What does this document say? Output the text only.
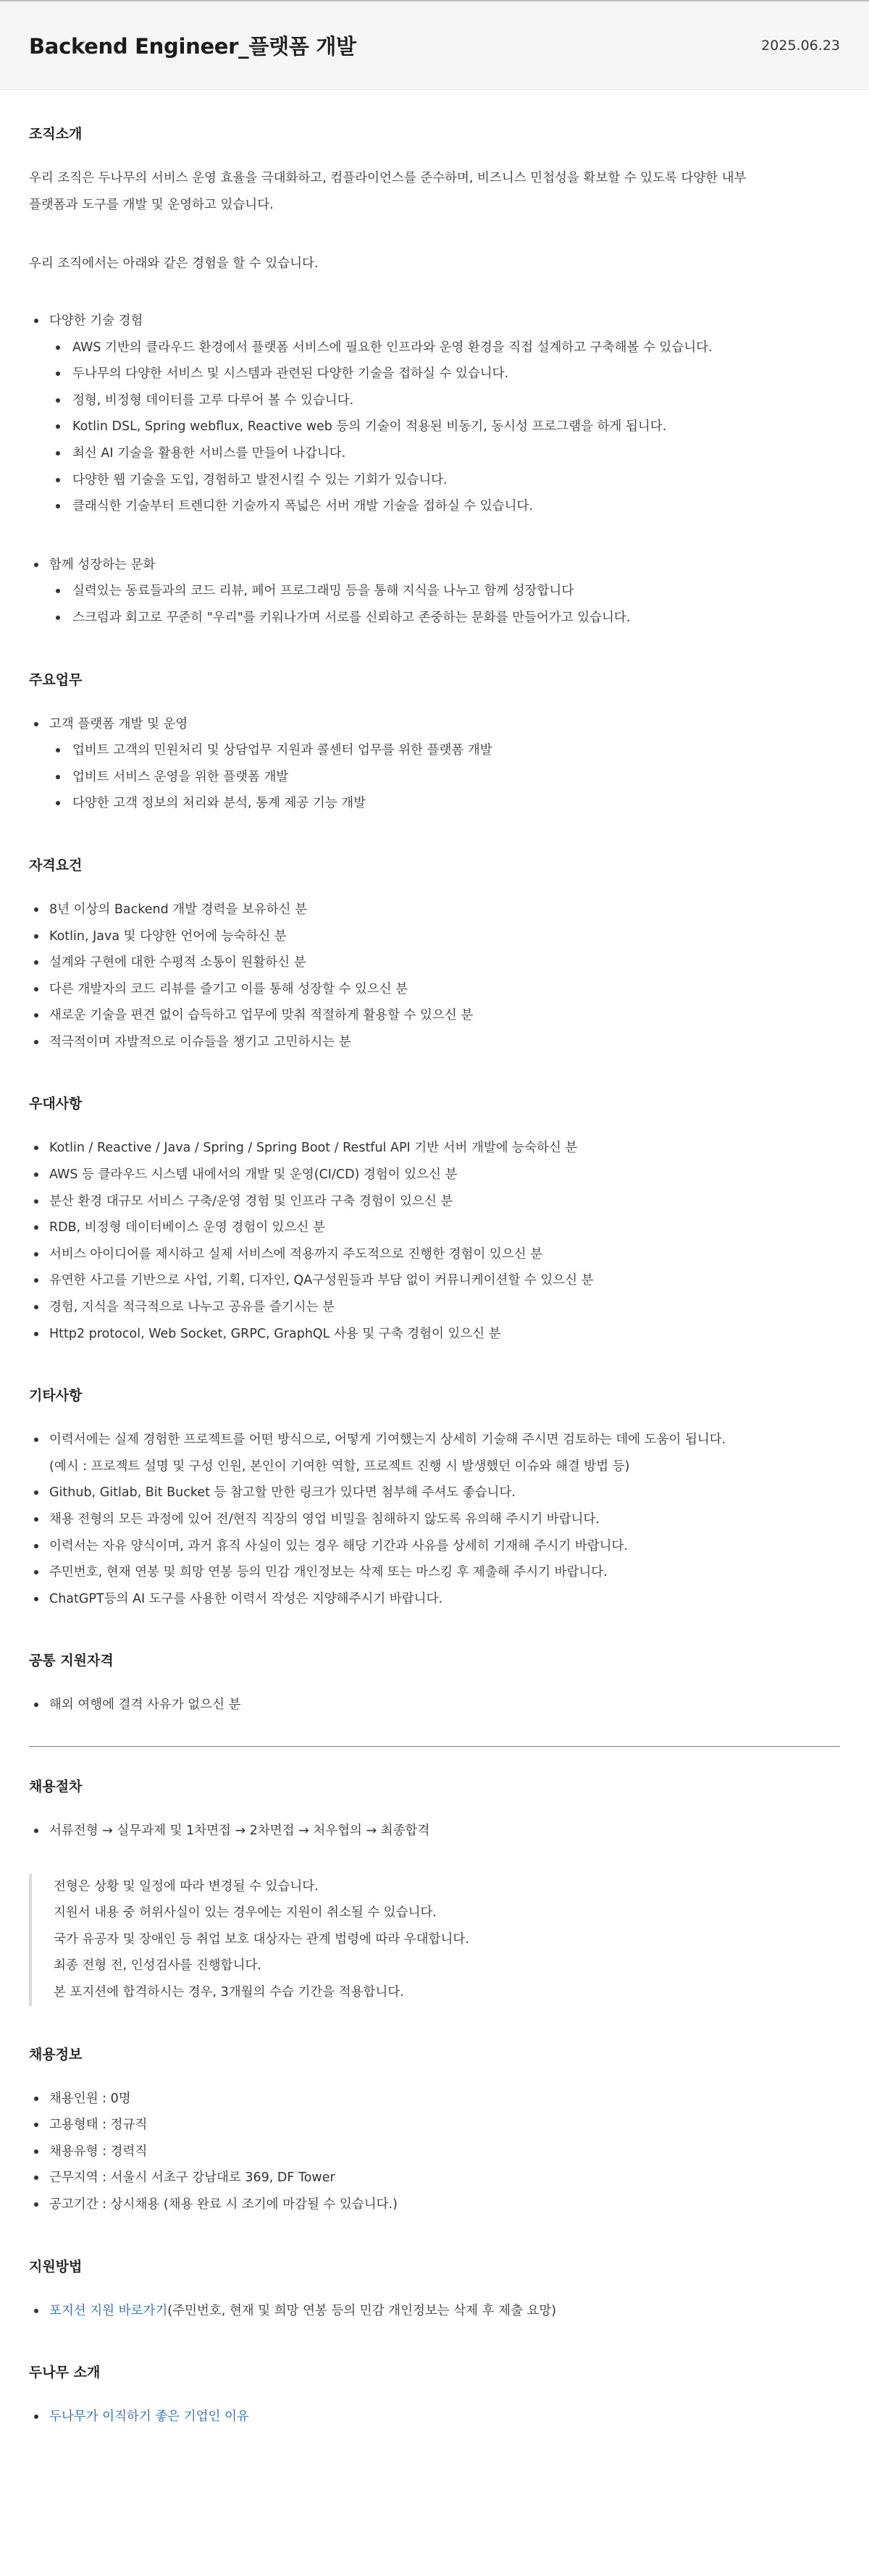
Backend Engineer_플랫폼 개발	2025.06.23
조직소개

우리 조직은 두나무의 서비스 운영 효율을 극대화하고, 컴플라이언스를 준수하며, 비즈니스 민첩성을 확보할 수 있도록 다양한 내부
플랫폼과 도구를 개발 및 운영하고 있습니다.

우리 조직에서는 아래와 같은 경험을 할 수 있습니다.

다양한 기술 경험
AWS 기반의 클라우드 환경에서 플랫폼 서비스에 필요한 인프라와 운영 환경을 직접 설계하고 구축해볼 수 있습니다.
두나무의 다양한 서비스 및 시스템과 관련된 다양한 기술을 접하실 수 있습니다.
정형, 비정형 데이터를 고루 다루어 볼 수 있습니다.
Kotlin DSL, Spring webflux, Reactive web 등의 기술이 적용된 비동기, 동시성 프로그램을 하게 됩니다.
최신 AI 기술을 활용한 서비스를 만들어 나갑니다.
다양한 웹 기술을 도입, 경험하고 발전시킬 수 있는 기회가 있습니다.
클래식한 기술부터 트렌디한 기술까지 폭넓은 서버 개발 기술을 접하실 수 있습니다.
함께 성장하는 문화
실력있는 동료들과의 코드 리뷰, 페어 프로그래밍 등을 통해 지식을 나누고 함께 성장합니다
스크럼과 회고로 꾸준히 "우리"를 키워나가며 서로를 신뢰하고 존중하는 문화를 만들어가고 있습니다.
주요업무
고객 플랫폼 개발 및 운영
업비트 고객의 민원처리 및 상담업무 지원과 콜센터 업무를 위한 플랫폼 개발
업비트 서비스 운영을 위한 플랫폼 개발
다양한 고객 정보의 처리와 분석, 통계 제공 기능 개발
자격요건
8년 이상의 Backend 개발 경력을 보유하신 분
Kotlin, Java 및 다양한 언어에 능숙하신 분
설계와 구현에 대한 수평적 소통이 원활하신 분
다른 개발자의 코드 리뷰를 즐기고 이를 통해 성장할 수 있으신 분
새로운 기술을 편견 없이 습득하고 업무에 맞춰 적절하게 활용할 수 있으신 분
적극적이며 자발적으로 이슈들을 챙기고 고민하시는 분
우대사항
Kotlin / Reactive / Java / Spring / Spring Boot / Restful API 기반 서버 개발에 능숙하신 분
AWS 등 클라우드 시스템 내에서의 개발 및 운영(CI/CD) 경험이 있으신 분
분산 환경 대규모 서비스 구축/운영 경험 및 인프라 구축 경험이 있으신 분
RDB, 비정형 데이터베이스 운영 경험이 있으신 분
서비스 아이디어를 제시하고 실제 서비스에 적용까지 주도적으로 진행한 경험이 있으신 분
유연한 사고를 기반으로 사업, 기획, 디자인, QA구성원들과 부담 없이 커뮤니케이션할 수 있으신 분
경험, 지식을 적극적으로 나누고 공유를 즐기시는 분
Http2 protocol, Web Socket, GRPC, GraphQL 사용 및 구축 경험이 있으신 분
기타사항
이력서에는 실제 경험한 프로젝트를 어떤 방식으로, 어떻게 기여했는지 상세히 기술해 주시면 검토하는 데에 도움이 됩니다.
(예시 : 프로젝트 설명 및 구성 인원, 본인이 기여한 역할, 프로젝트 진행 시 발생했던 이슈와 해결 방법 등)
Github, Gitlab, Bit Bucket 등 참고할 만한 링크가 있다면 첨부해 주셔도 좋습니다.
채용 전형의 모든 과정에 있어 전/현직 직장의 영업 비밀을 침해하지 않도록 유의해 주시기 바랍니다.
이력서는 자유 양식이며, 과거 휴직 사실이 있는 경우 해당 기간과 사유를 상세히 기재해 주시기 바랍니다.
주민번호, 현재 연봉 및 희망 연봉 등의 민감 개인정보는 삭제 또는 마스킹 후 제출해 주시기 바랍니다.
ChatGPT등의 AI 도구를 사용한 이력서 작성은 지양해주시기 바랍니다.
공통 지원자격
해외 여행에 결격 사유가 없으신 분
채용절차
서류전형 → 실무과제 및 1차면접 → 2차면접 → 처우협의 → 최종합격

전형은 상황 및 일정에 따라 변경될 수 있습니다.

지원서 내용 중 허위사실이 있는 경우에는 지원이 취소될 수 있습니다.

국가 유공자 및 장애인 등 취업 보호 대상자는 관계 법령에 따라 우대합니다.

최종 전형 전, 인성검사를 진행합니다.

본 포지션에 합격하시는 경우, 3개월의 수습 기간을 적용합니다.

채용정보
채용인원 : 0명
고용형태 : 정규직
채용유형 : 경력직
근무지역 : 서울시 서초구 강남대로 369, DF Tower
공고기간 : 상시채용 (채용 완료 시 조기에 마감될 수 있습니다.)
지원방법
포지션 지원 바로가기(주민번호, 현재 및 희망 연봉 등의 민감 개인정보는 삭제 후 제출 요망)
두나무 소개
두나무가 이직하기 좋은 기업인 이유
